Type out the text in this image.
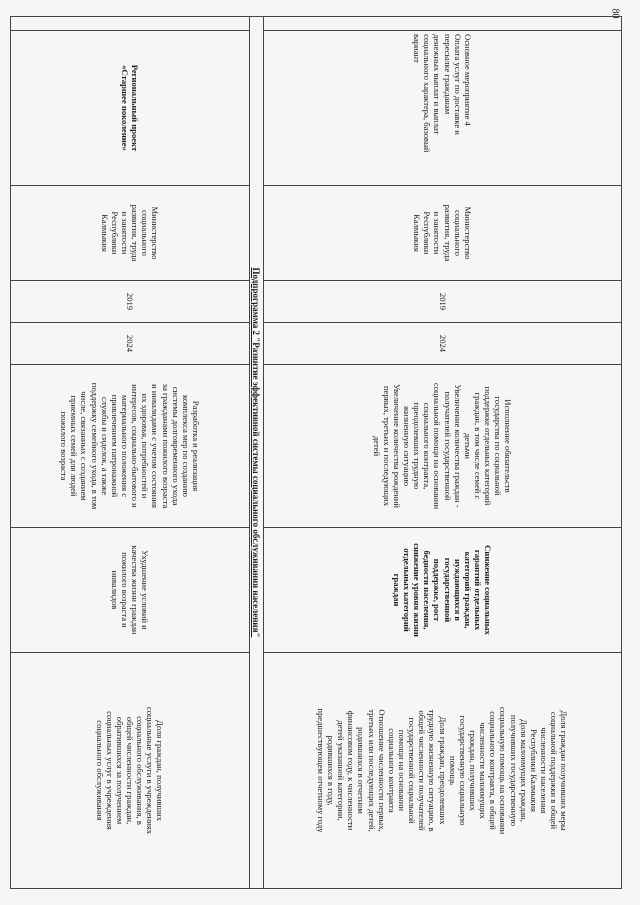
80
Основное мероприятие 4
Оплата услуг по доставке и
пересылке гражданам
денежных выплат и выплат
социального характера, базовый
вариант
Министерство
социального
развития, труда
и занятости
Республики
Калмыкия
2019
2024
Исполнение обязательств
государства по социальной
поддержке отдельных категорий
граждан, в том числе семей с
детьми
Увеличение количества граждан -
получателей государственной
социальной помощи на основании
социального контракта,
преодолевших трудную
жизненную ситуацию
Увеличение количества рождений
первых, третьих и последующих
детей
Снижение социальных
гарантий отдельных
категорий граждан,
нуждающихся в
государственной
поддержке, рост
бедности населения,
снижение уровня жизни
отдельных категорий
граждан
Доля граждан получивших меры
социальной поддержки в общей
численности населения
Республики Калмыкия
Доля малоимущих граждан,
получивших государственную
социальную помощь на основании
социального контракта, в общей
численности малоимущих
граждан, получивших
государственную социальную
помощь
Доля граждан, преодолевших
трудную жизненную ситуацию, в
общей численности получателей
государственной социальной
помощи на основании
социального контракта
Отношение численности первых,
третьих или последующих детей,
родившихся в отчетном
финансовом году, к численности
детей указанной категории,
родившихся в году,
предшествующем отчетному году
Подпрограмма 2 "Развитие эффективной системы социального обслуживания населения"
Региональный проект
«Старшее поколение»
Министерство
социального
развития, труда
и занятости
Республики
Калмыкия
2019
2024
Разработка и реализация
комплекса мер по созданию
системы долговременного ухода
за гражданами пожилого возраста
и инвалидами с учетом состояния
их здоровья, потребностей и
интересов, социально-бытового и
материального положения с
привлечением патронажной
службы и сиделок, а также
поддержку семейного ухода, в том
числе, связанных с созданием
приемных семей для людей
пожилого возраста
Ухудшение условий и
качества жизни граждан
пожилого возраста и
инвалидов
Доля граждан, получивших
социальные услуги в учреждениях
социального обслуживания, в
общей численности граждан,
обратившихся за получением
социальных услуг в учреждения
социального обслуживания
